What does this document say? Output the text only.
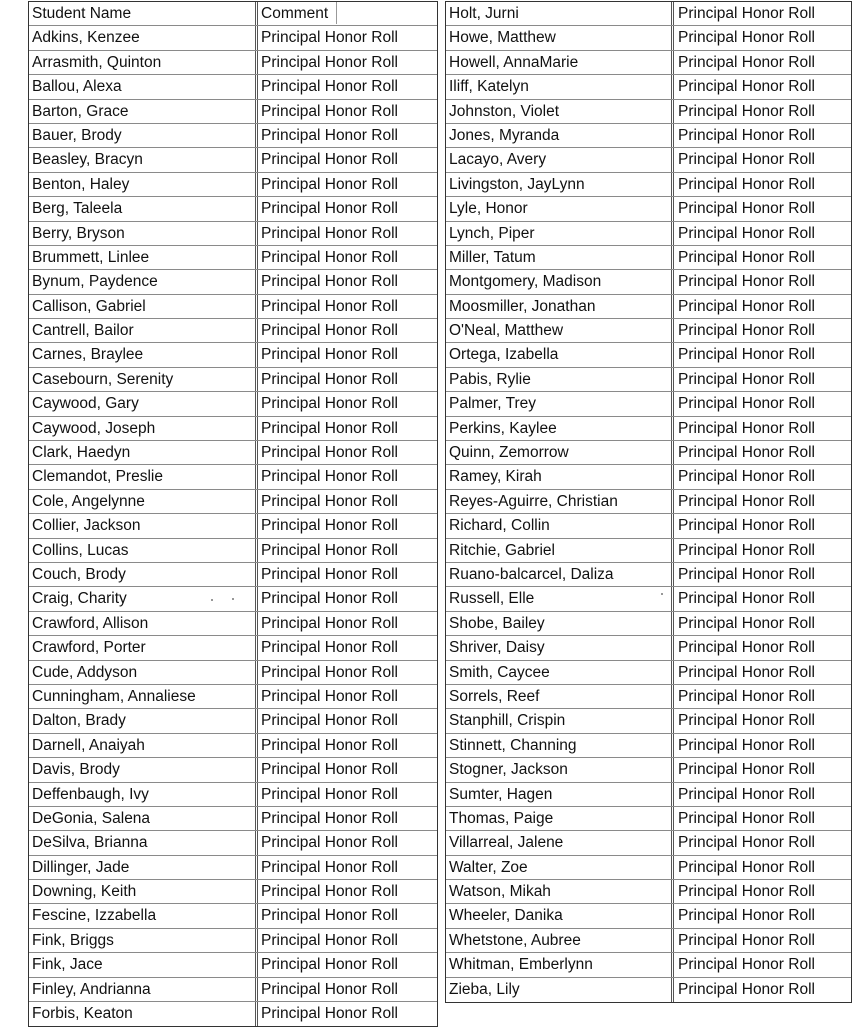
Student Name	Comment
Adkins, Kenzee	Principal Honor Roll
Arrasmith, Quinton	Principal Honor Roll
Ballou, Alexa	Principal Honor Roll
Barton, Grace	Principal Honor Roll
Bauer, Brody	Principal Honor Roll
Beasley, Bracyn	Principal Honor Roll
Benton, Haley	Principal Honor Roll
Berg, Taleela	Principal Honor Roll
Berry, Bryson	Principal Honor Roll
Brummett, Linlee	Principal Honor Roll
Bynum, Paydence	Principal Honor Roll
Callison, Gabriel	Principal Honor Roll
Cantrell, Bailor	Principal Honor Roll
Carnes, Braylee	Principal Honor Roll
Casebourn, Serenity	Principal Honor Roll
Caywood, Gary	Principal Honor Roll
Caywood, Joseph	Principal Honor Roll
Clark, Haedyn	Principal Honor Roll
Clemandot, Preslie	Principal Honor Roll
Cole, Angelynne	Principal Honor Roll
Collier, Jackson	Principal Honor Roll
Collins, Lucas	Principal Honor Roll
Couch, Brody	Principal Honor Roll
Craig, Charity	Principal Honor Roll
Crawford, Allison	Principal Honor Roll
Crawford, Porter	Principal Honor Roll
Cude, Addyson	Principal Honor Roll
Cunningham, Annaliese	Principal Honor Roll
Dalton, Brady	Principal Honor Roll
Darnell, Anaiyah	Principal Honor Roll
Davis, Brody	Principal Honor Roll
Deffenbaugh, Ivy	Principal Honor Roll
DeGonia, Salena	Principal Honor Roll
DeSilva, Brianna	Principal Honor Roll
Dillinger, Jade	Principal Honor Roll
Downing, Keith	Principal Honor Roll
Fescine, Izzabella	Principal Honor Roll
Fink, Briggs	Principal Honor Roll
Fink, Jace	Principal Honor Roll
Finley, Andrianna	Principal Honor Roll
Forbis, Keaton	Principal Honor Roll
Holt, Jurni	Principal Honor Roll
Howe, Matthew	Principal Honor Roll
Howell, AnnaMarie	Principal Honor Roll
Iliff, Katelyn	Principal Honor Roll
Johnston, Violet	Principal Honor Roll
Jones, Myranda	Principal Honor Roll
Lacayo, Avery	Principal Honor Roll
Livingston, JayLynn	Principal Honor Roll
Lyle, Honor	Principal Honor Roll
Lynch, Piper	Principal Honor Roll
Miller, Tatum	Principal Honor Roll
Montgomery, Madison	Principal Honor Roll
Moosmiller, Jonathan	Principal Honor Roll
O'Neal, Matthew	Principal Honor Roll
Ortega, Izabella	Principal Honor Roll
Pabis, Rylie	Principal Honor Roll
Palmer, Trey	Principal Honor Roll
Perkins, Kaylee	Principal Honor Roll
Quinn, Zemorrow	Principal Honor Roll
Ramey, Kirah	Principal Honor Roll
Reyes-Aguirre, Christian	Principal Honor Roll
Richard, Collin	Principal Honor Roll
Ritchie, Gabriel	Principal Honor Roll
Ruano-balcarcel, Daliza	Principal Honor Roll
Russell, Elle	Principal Honor Roll
Shobe, Bailey	Principal Honor Roll
Shriver, Daisy	Principal Honor Roll
Smith, Caycee	Principal Honor Roll
Sorrels, Reef	Principal Honor Roll
Stanphill, Crispin	Principal Honor Roll
Stinnett, Channing	Principal Honor Roll
Stogner, Jackson	Principal Honor Roll
Sumter, Hagen	Principal Honor Roll
Thomas, Paige	Principal Honor Roll
Villarreal, Jalene	Principal Honor Roll
Walter, Zoe	Principal Honor Roll
Watson, Mikah	Principal Honor Roll
Wheeler, Danika	Principal Honor Roll
Whetstone, Aubree	Principal Honor Roll
Whitman, Emberlynn	Principal Honor Roll
Zieba, Lily	Principal Honor Roll
